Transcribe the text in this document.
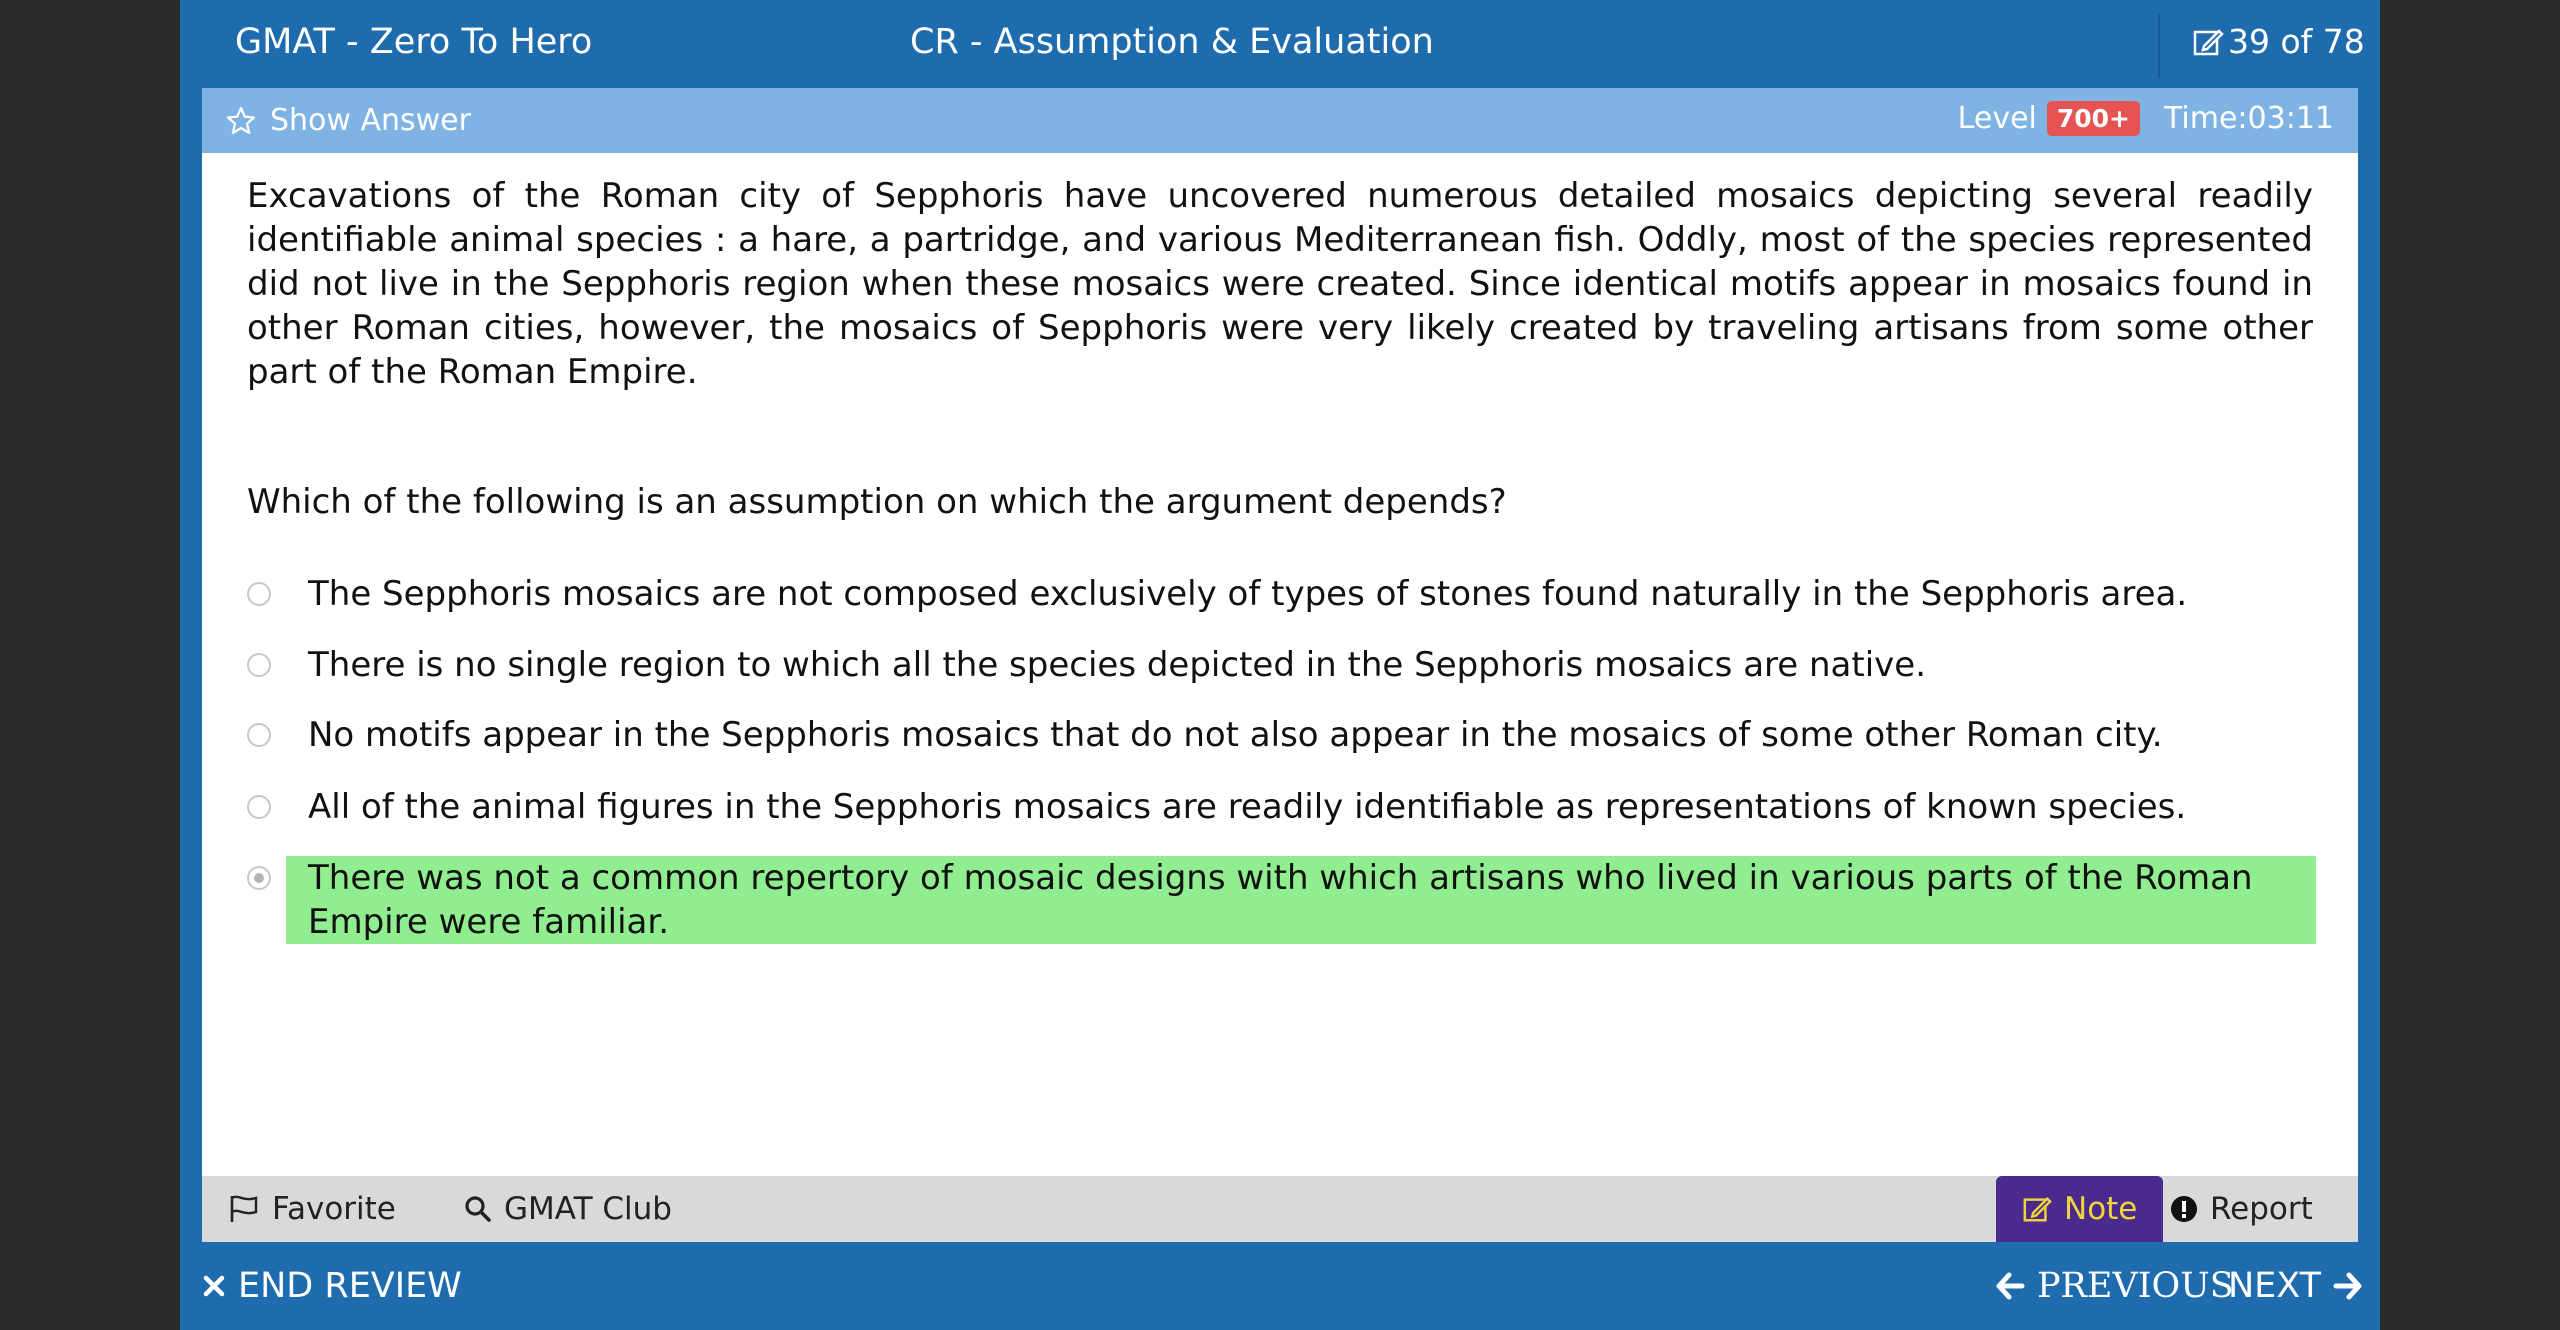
GMAT - Zero To Hero	CR - Assumption & Evaluation	39 of 78
Show Answer	Level 700+	Time:03:11

Excavations of the Roman city of Sepphoris have uncovered numerous detailed mosaics depicting several readily identifiable animal species : a hare, a partridge, and various Mediterranean fish. Oddly, most of the species represented did not live in the Sepphoris region when these mosaics were created. Since identical motifs appear in mosaics found in other Roman cities, however, the mosaics of Sepphoris were very likely created by traveling artisans from some other part of the Roman Empire.

Which of the following is an assumption on which the argument depends?

The Sepphoris mosaics are not composed exclusively of types of stones found naturally in the Sepphoris area.
There is no single region to which all the species depicted in the Sepphoris mosaics are native.
No motifs appear in the Sepphoris mosaics that do not also appear in the mosaics of some other Roman city.
All of the animal figures in the Sepphoris mosaics are readily identifiable as representations of known species.
There was not a common repertory of mosaic designs with which artisans who lived in various parts of the Roman Empire were familiar.
Favorite	GMAT Club	Note Report
END REVIEW	PREVIOUS
NEXT
